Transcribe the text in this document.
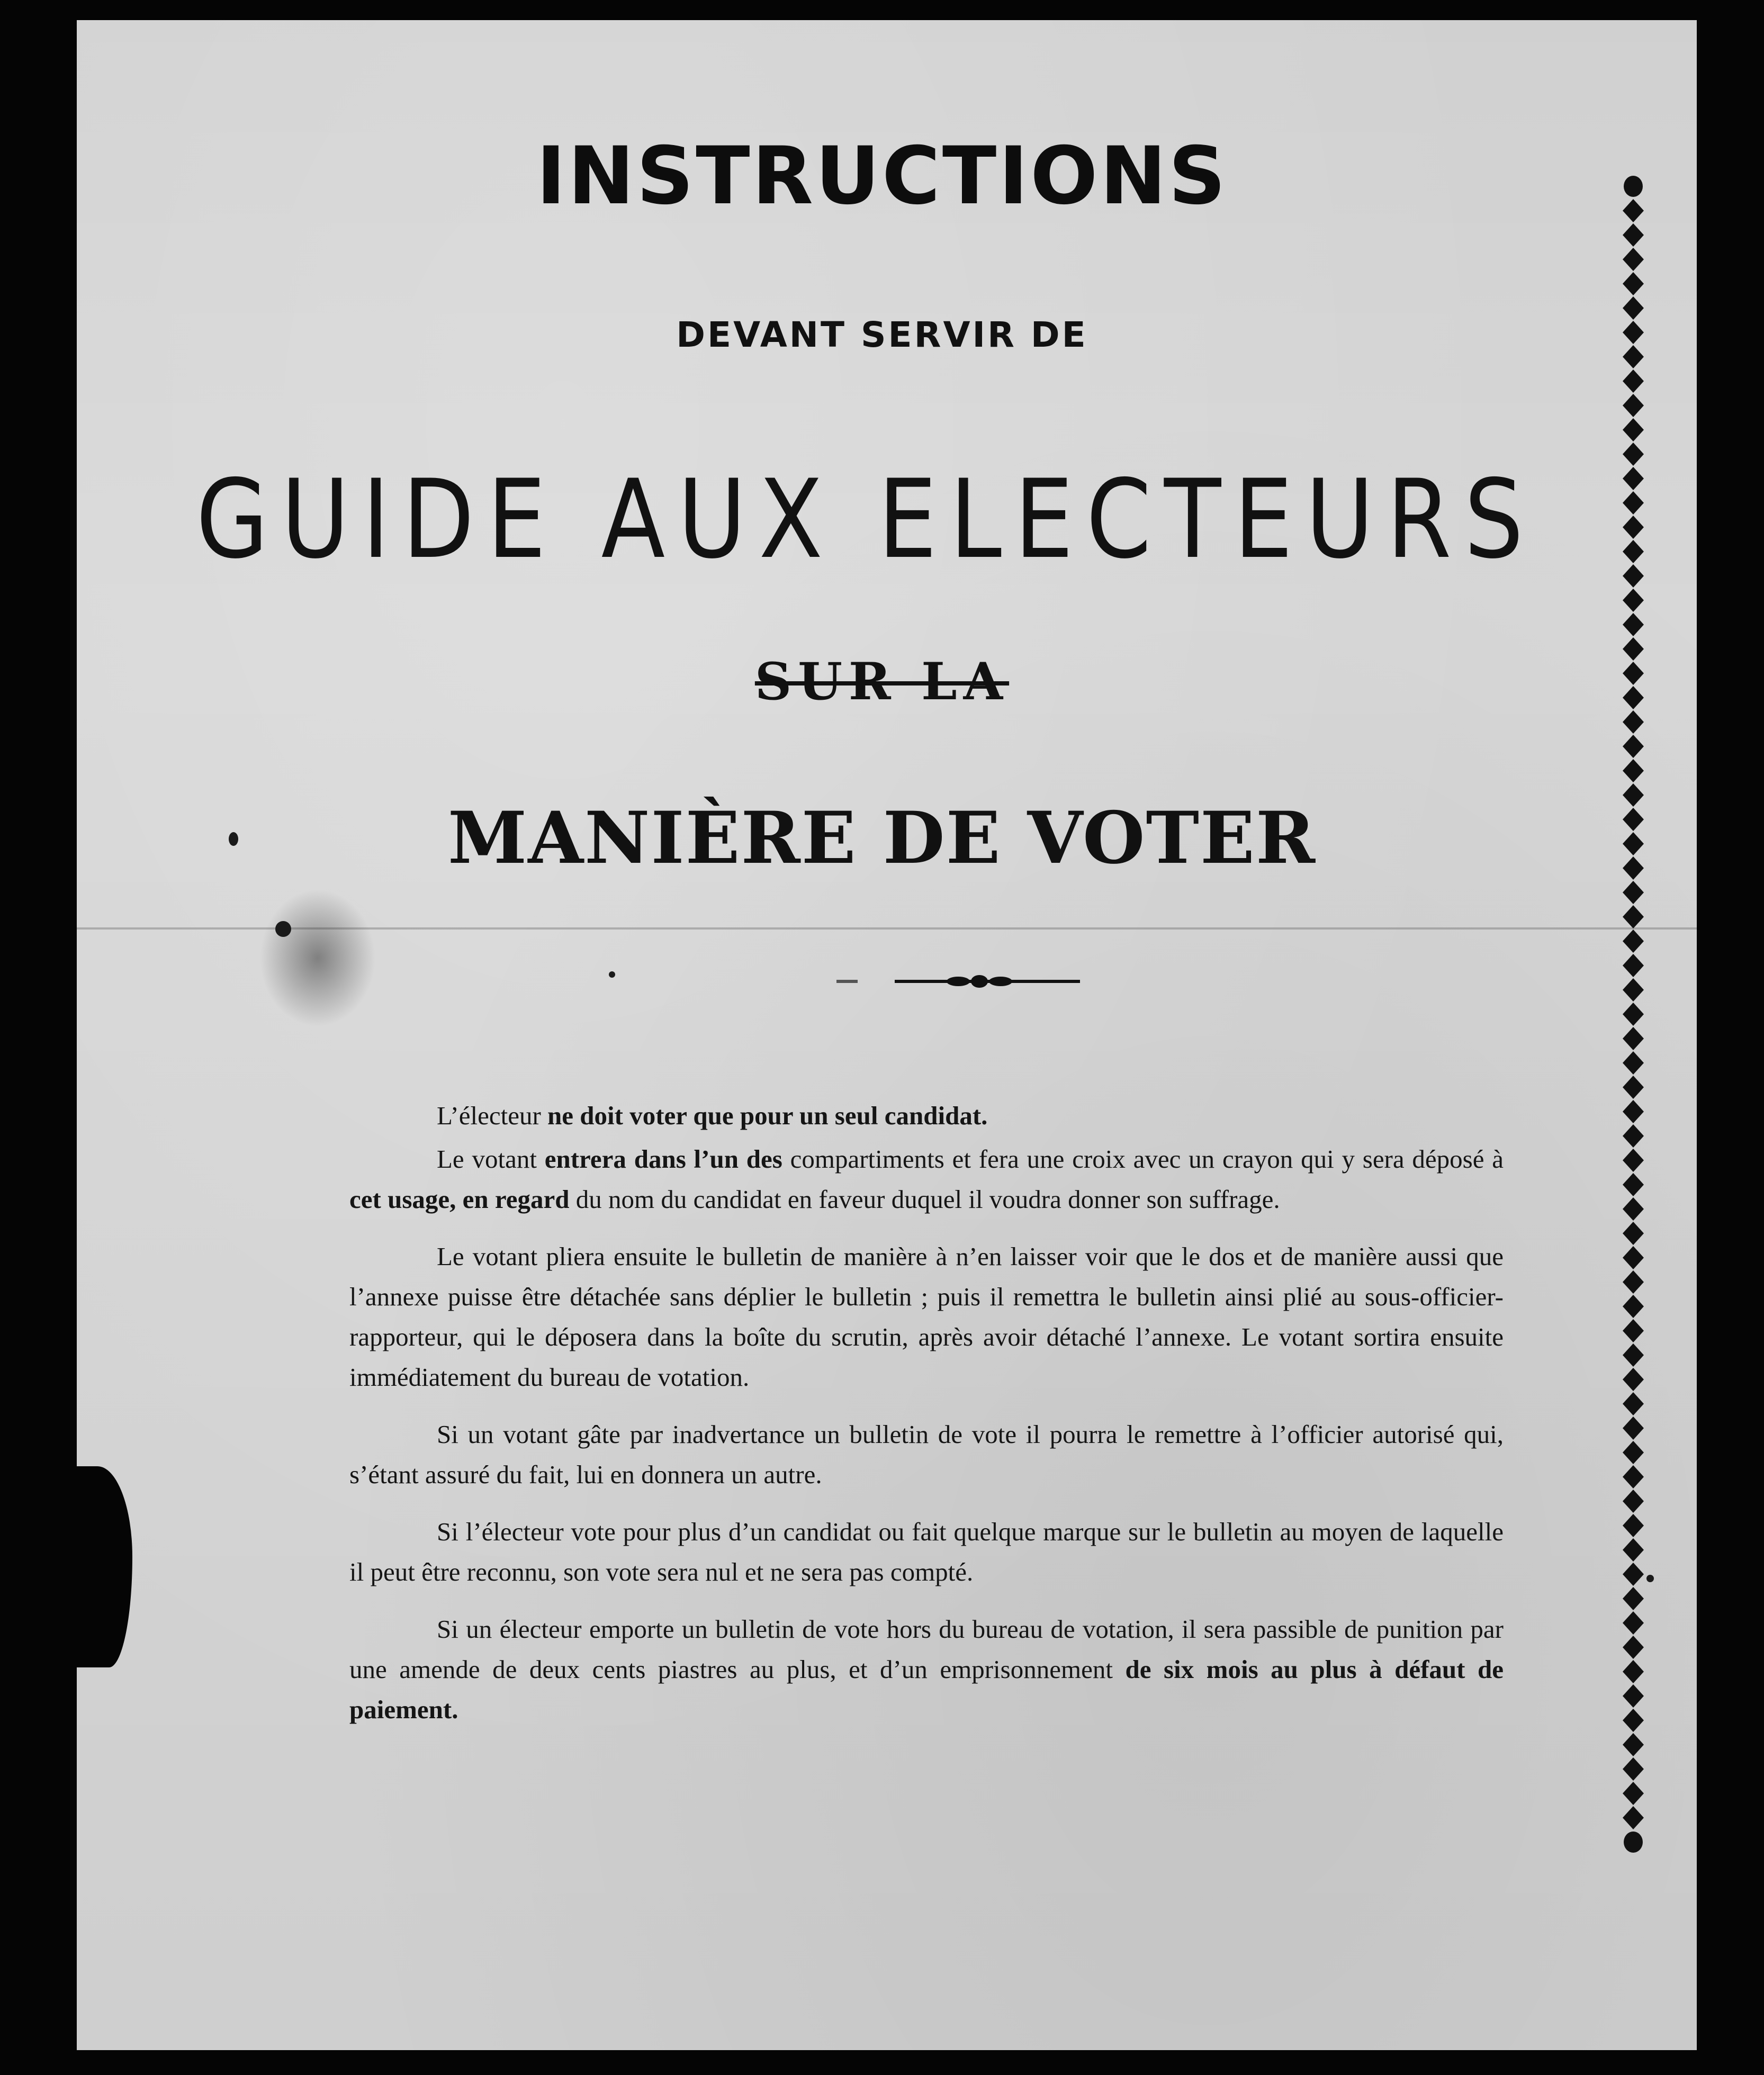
INSTRUCTIONS
DEVANT SERVIR DE
GUIDE AUX ELECTEURS
SUR LA
MANIÈRE DE VOTER

L’électeur ne doit voter que pour un seul candidat.

Le votant entrera dans l’un des compartiments et fera une croix avec un crayon qui y sera déposé à cet usage, en regard du nom du candidat en faveur duquel il voudra donner son suffrage.

Le votant pliera ensuite le bulletin de manière à n’en laisser voir que le dos et de manière aussi que l’annexe puisse être détachée sans déplier le bulletin ; puis il remettra le bulletin ainsi plié au sous-officier-rapporteur, qui le déposera dans la boîte du scrutin, après avoir détaché l’annexe. Le votant sortira ensuite immédiatement du bureau de votation.

Si un votant gâte par inadvertance un bulletin de vote il pourra le remettre à l’officier autorisé qui, s’étant assuré du fait, lui en donnera un autre.

Si l’électeur vote pour plus d’un candidat ou fait quelque marque sur le bulletin au moyen de laquelle il peut être reconnu, son vote sera nul et ne sera pas compté.

Si un électeur emporte un bulletin de vote hors du bureau de votation, il sera passible de punition par une amende de deux cents piastres au plus, et d’un emprisonnement de six mois au plus à défaut de paiement.
